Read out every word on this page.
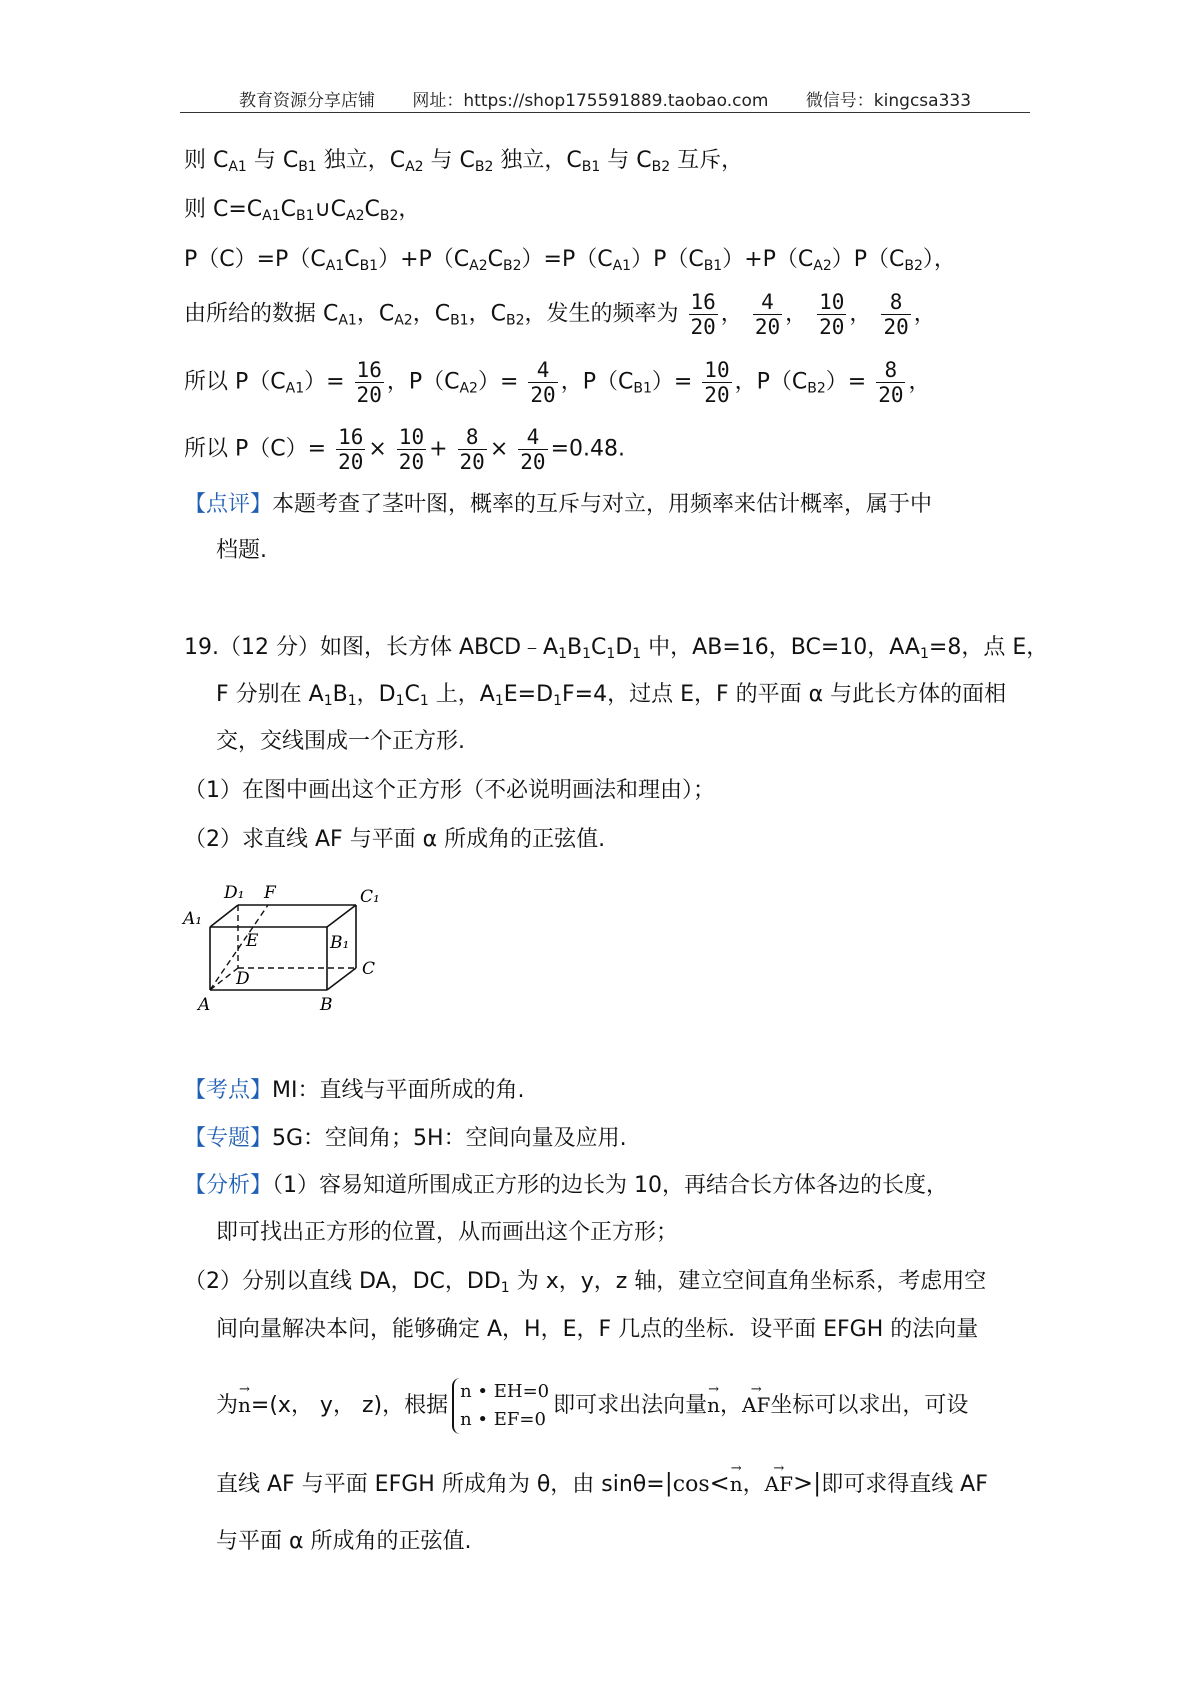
教育资源分享店铺 网址：https://shop175591889.taobao.com 微信号：kingcsa333
则 $C_{A1}$ 与 $C_{B1}$ 独立，$C_{A2}$ 与 $C_{B2}$ 独立，$C_{B1}$ 与 $C_{B2}$ 互斥，
则 $C=C_{A1}C_{B1}\cup C_{A2}C_{B2}$，
$P(C)=P(C_{A1}C_{B1})+P(C_{A2}C_{B2})=P(C_{A1})P(C_{B1})+P(C_{A2})P(C_{B2})$，
由所给的数据 $C_{A1}$，$C_{A2}$，$C_{B1}$，$C_{B2}$，发生的频率为 $\frac{16}{20}$ ， $\frac{4}{20}$ ， $\frac{10}{20}$ ， $\frac{8}{20}$ ，
所以 $P(C_{A1})= \frac{16}{20}$ ，$P(C_{A2})= \frac{4}{20}$ ，$P(C_{B1})= \frac{10}{20}$ ，$P(C_{B2})= \frac{8}{20}$ ，
所以 $P(C)= \frac{16}{20} \times \frac{10}{20} + \frac{8}{20} \times \frac{4}{20} =0.48$.
【点评】本题考查了茎叶图，概率的互斥与对立，用频率来估计概率，属于中
档题.
19.（12 分）如图，长方体 $ABCD﹣A_1B_1C_1D_1$ 中，AB=16，BC=10，$AA_1=8$，点 E，
F 分别在 $A_1B_1$，$D_1C_1$ 上，$A_1E=D_1F=4$，过点 E，F 的平面 α 与此长方体的面相
交，交线围成一个正方形.
（1）在图中画出这个正方形（不必说明画法和理由）；
（2）求直线 AF 与平面 α 所成角的正弦值.
D₁ F	C₁
A₁
E	B₁
D	C
A	B
【考点】MI：直线与平面所成的角.
【专题】5G：空间角；5H：空间向量及应用.
【分析】（1）容易知道所围成正方形的边长为 10，再结合长方体各边的长度，
即可找出正方形的位置，从而画出这个正方形；
（2）分别以直线 DA，DC，$DD_1$ 为 x，y，z 轴，建立空间直角坐标系，考虑用空
间向量解决本问，能够确定 A，H，E，F 几点的坐标．设平面 EFGH 的法向量
为→ n=(x， y， z)，根据
n • EH=0
n • EF=0
即可求出法向量→ n，→ AF坐标可以求出，可设
直线 AF 与平面 EFGH 所成角为 θ，由 sinθ=|cos<→ n，→ AF>|即可求得直线 AF
与平面 α 所成角的正弦值.
